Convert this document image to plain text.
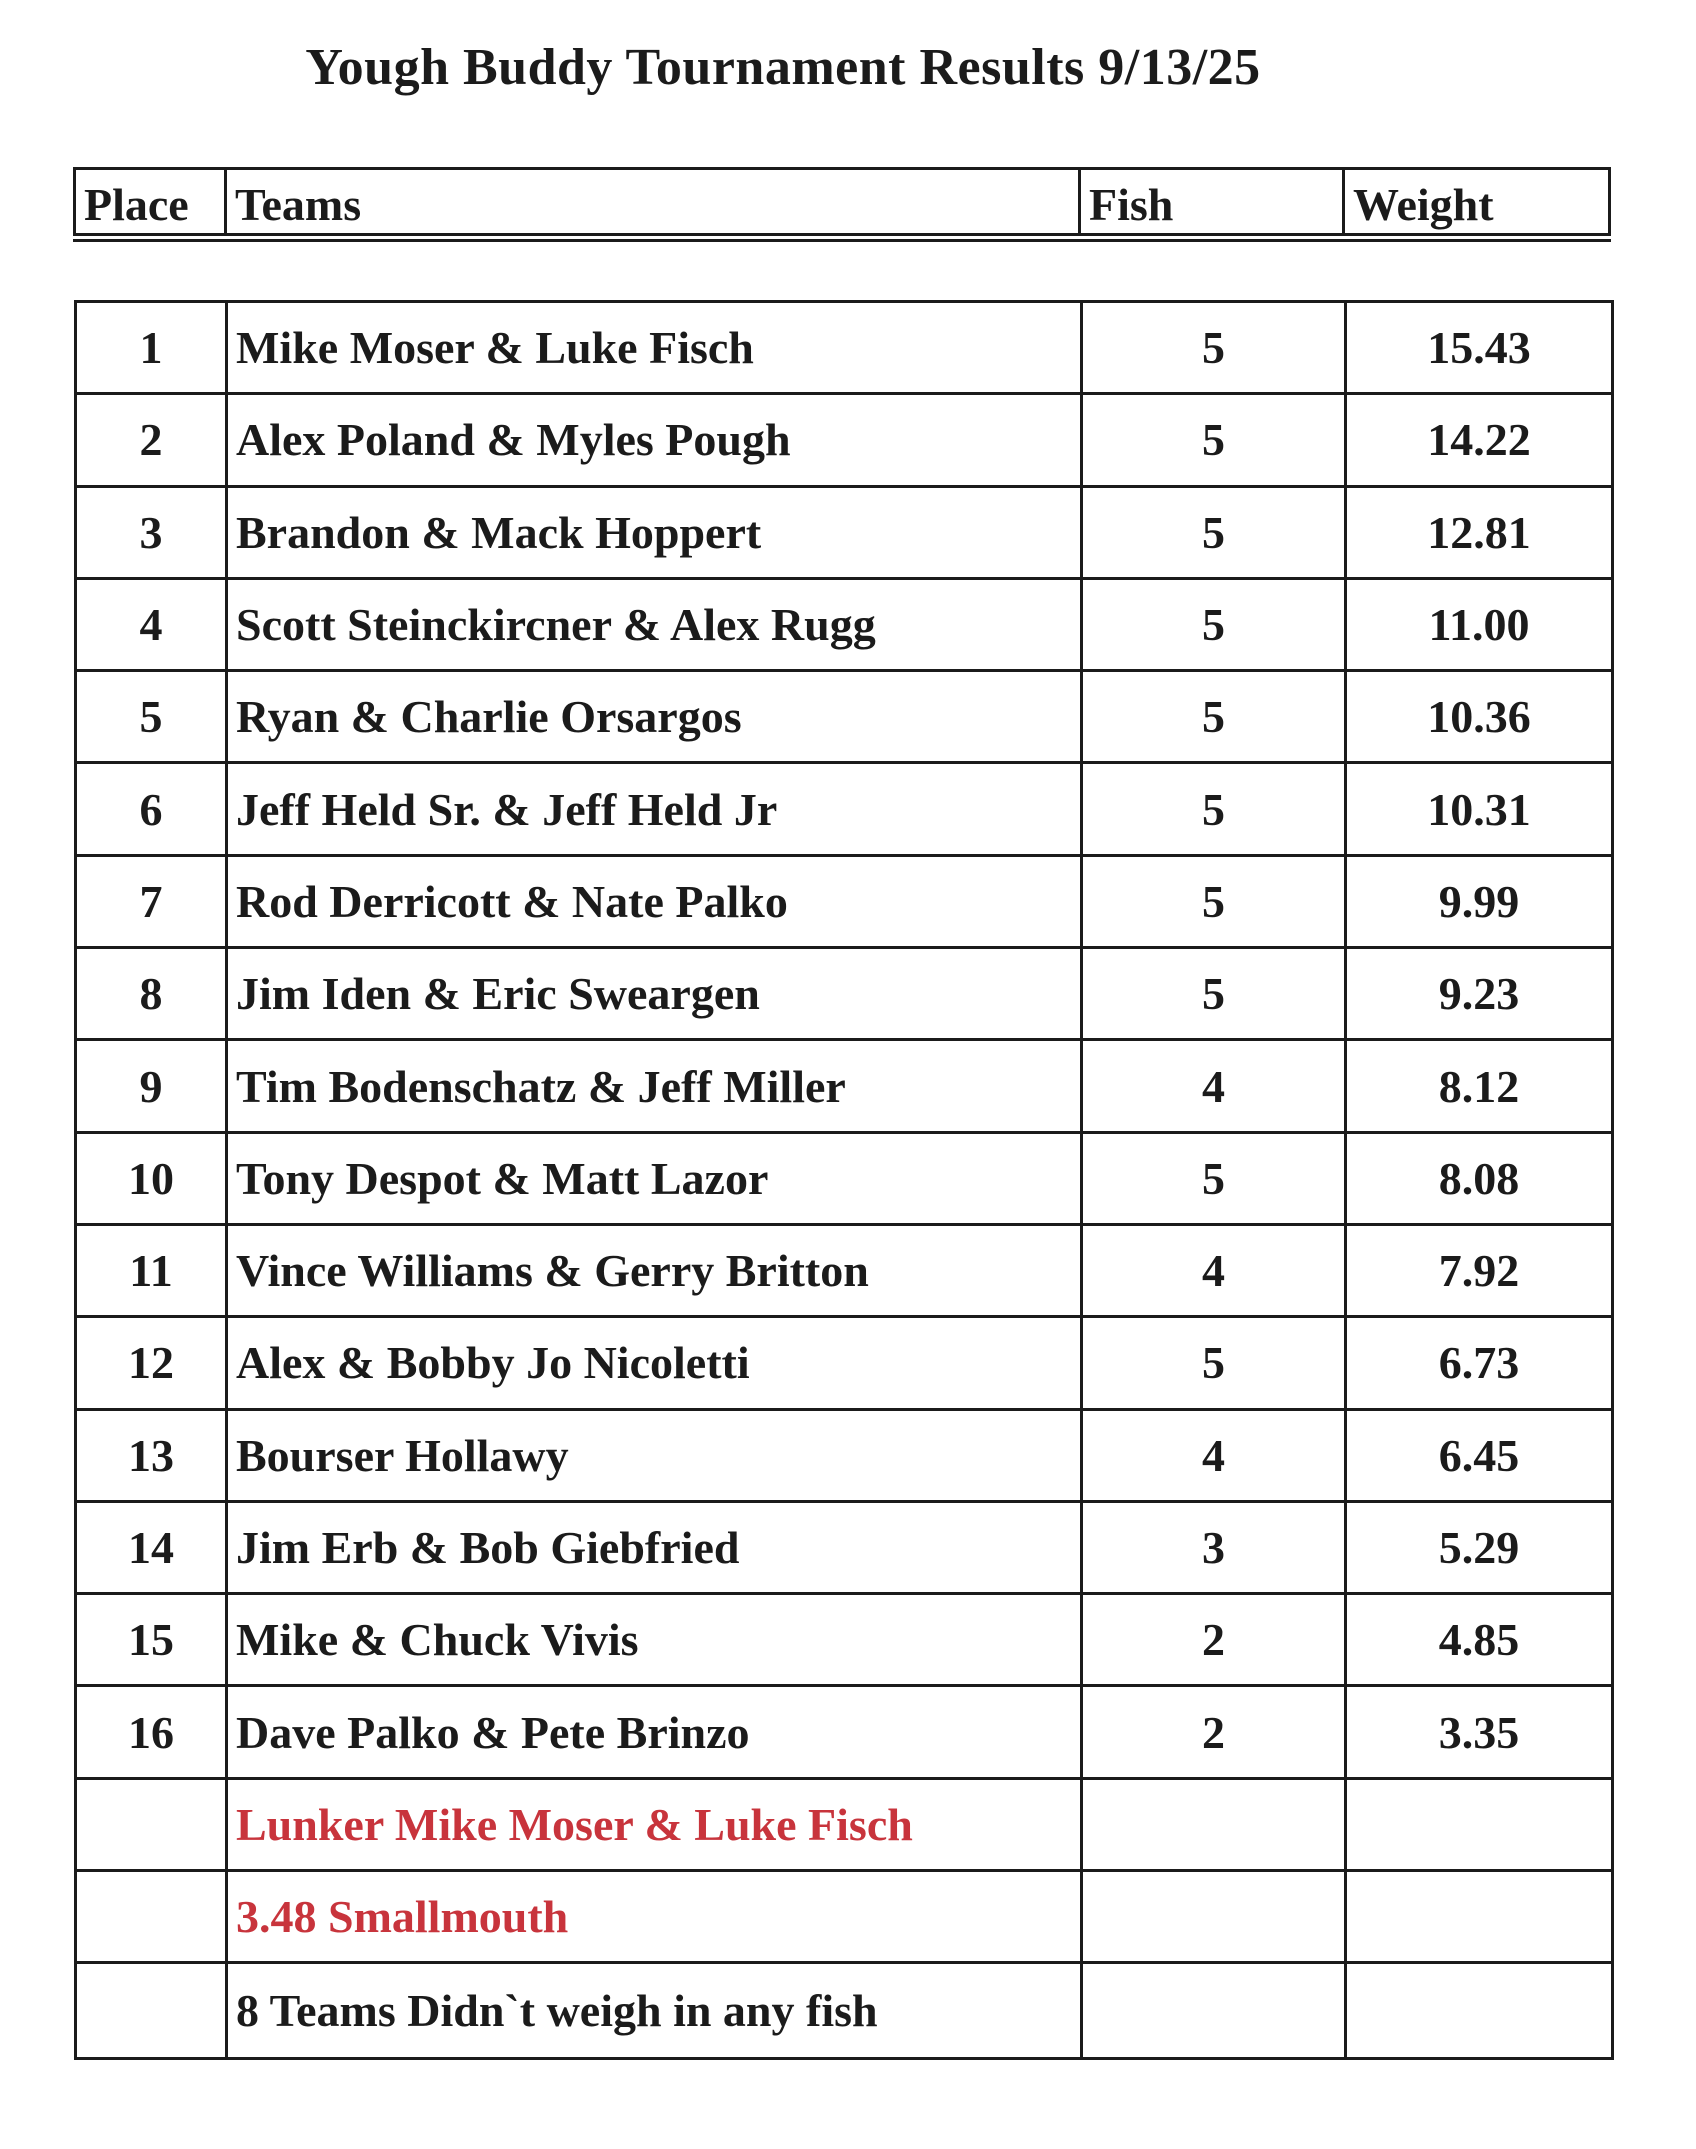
Yough Buddy Tournament Results 9/13/25
Place	Teams	Fish	Weight
1	Mike Moser & Luke Fisch	5	15.43
2	Alex Poland & Myles Pough	5	14.22
3	Brandon & Mack Hoppert	5	12.81
4	Scott Steinckircner & Alex Rugg	5	11.00
5	Ryan & Charlie Orsargos	5	10.36
6	Jeff Held Sr. & Jeff Held Jr	5	10.31
7	Rod Derricott & Nate Palko	5	9.99
8	Jim Iden & Eric Sweargen	5	9.23
9	Tim Bodenschatz & Jeff Miller	4	8.12
10	Tony Despot & Matt Lazor	5	8.08
11	Vince Williams & Gerry Britton	4	7.92
12	Alex & Bobby Jo Nicoletti	5	6.73
13	Bourser Hollawy	4	6.45
14	Jim Erb & Bob Giebfried	3	5.29
15	Mike & Chuck Vivis	2	4.85
16	Dave Palko & Pete Brinzo	2	3.35
Lunker Mike Moser & Luke Fisch
3.48 Smallmouth
8 Teams Didn`t weigh in any fish
